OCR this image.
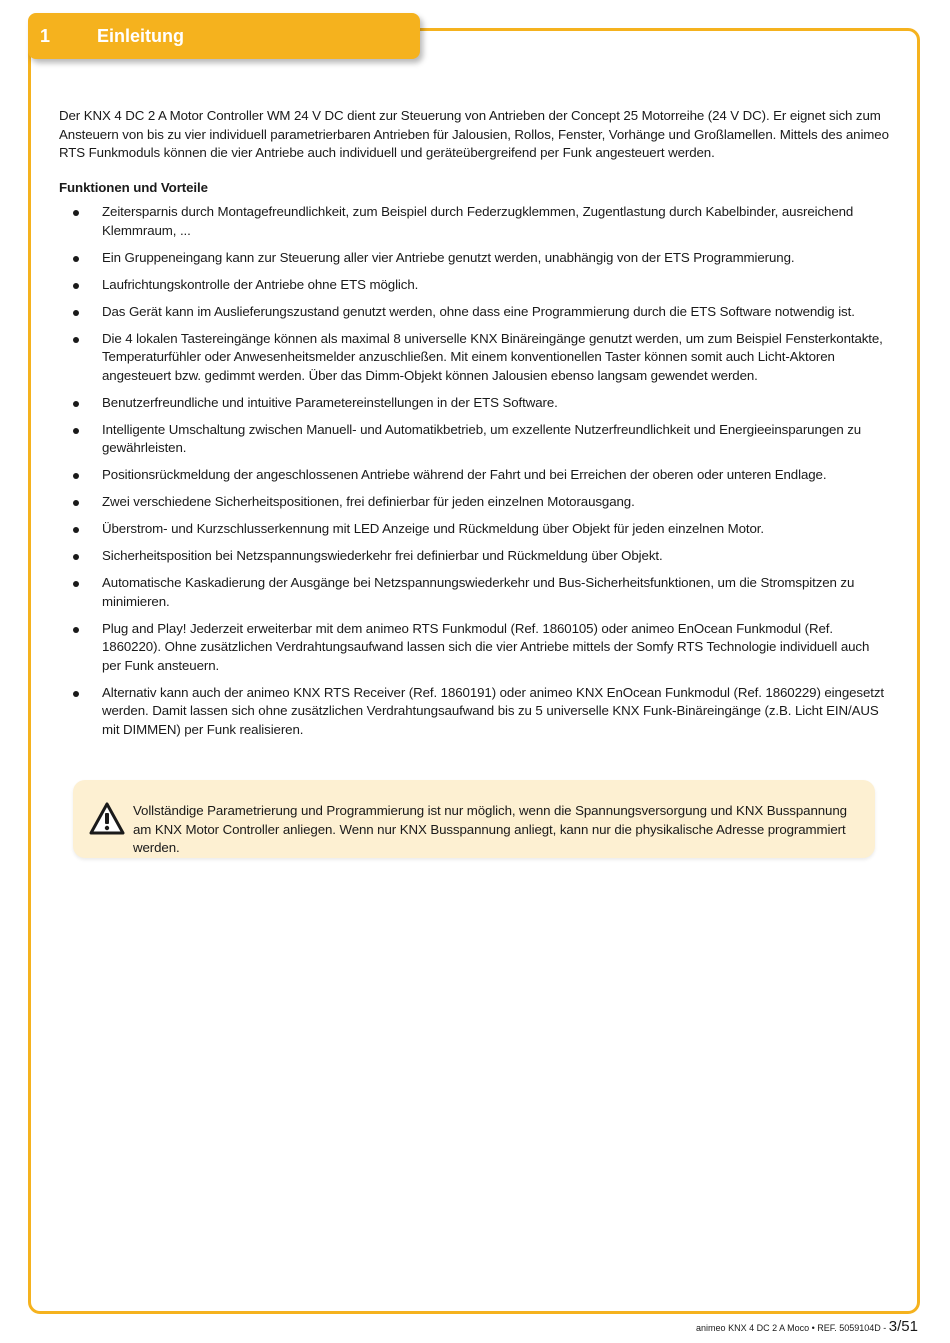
1	Einleitung

Der KNX 4 DC 2 A Motor Controller WM 24 V DC dient zur Steuerung von Antrieben der Concept 25 Motorreihe (24 V DC). Er eignet sich zum Ansteuern von bis zu vier individuell parametrierbaren Antrieben für Jalousien, Rollos, Fenster, Vorhänge und Großlamellen. Mittels des animeo RTS Funkmoduls können die vier Antriebe auch individuell und geräteübergreifend per Funk angesteuert werden.

Funktionen und Vorteile
Zeitersparnis durch Montagefreundlichkeit, zum Beispiel durch Federzugklemmen, Zugentlastung durch Kabelbinder, ausreichend Klemmraum, ...
Ein Gruppeneingang kann zur Steuerung aller vier Antriebe genutzt werden, unabhängig von der ETS Programmierung.
Laufrichtungskontrolle der Antriebe ohne ETS möglich.
Das Gerät kann im Auslieferungszustand genutzt werden, ohne dass eine Programmierung durch die ETS Software notwendig ist.
Die 4 lokalen Tastereingänge können als maximal 8 universelle KNX Binäreingänge genutzt werden, um zum Beispiel Fensterkontakte, Temperaturfühler oder Anwesenheitsmelder anzuschließen. Mit einem konventionellen Taster können somit auch Licht-Aktoren angesteuert bzw. gedimmt werden. Über das Dimm-Objekt können Jalousien ebenso langsam gewendet werden.
Benutzerfreundliche und intuitive Parametereinstellungen in der ETS Software.
Intelligente Umschaltung zwischen Manuell- und Automatikbetrieb, um exzellente Nutzerfreundlichkeit und Energieeinsparungen zu gewährleisten.
Positionsrückmeldung der angeschlossenen Antriebe während der Fahrt und bei Erreichen der oberen oder unteren Endlage.
Zwei verschiedene Sicherheitspositionen, frei definierbar für jeden einzelnen Motorausgang.
Überstrom- und Kurzschlusserkennung mit LED Anzeige und Rückmeldung über Objekt für jeden einzelnen Motor.
Sicherheitsposition bei Netzspannungswiederkehr frei definierbar und Rückmeldung über Objekt.
Automatische Kaskadierung der Ausgänge bei Netzspannungswiederkehr und Bus-Sicherheitsfunktionen, um die Stromspitzen zu minimieren.
Plug and Play! Jederzeit erweiterbar mit dem animeo RTS Funkmodul (Ref. 1860105) oder animeo EnOcean Funkmodul (Ref. 1860220). Ohne zusätzlichen Verdrahtungsaufwand lassen sich die vier Antriebe mittels der Somfy RTS Technologie individuell auch per Funk ansteuern.
Alternativ kann auch der animeo KNX RTS Receiver (Ref. 1860191) oder animeo KNX EnOcean Funkmodul (Ref. 1860229) eingesetzt werden. Damit lassen sich ohne zusätzlichen Verdrahtungsaufwand bis zu 5 universelle KNX Funk-Binäreingänge (z.B. Licht EIN/AUS mit DIMMEN) per Funk realisieren.
Vollständige Parametrierung und Programmierung ist nur möglich, wenn die Spannungsversorgung und KNX Busspannung am KNX Motor Controller anliegen. Wenn nur KNX Busspannung anliegt, kann nur die physikalische Adresse programmiert werden.
animeo KNX 4 DC 2 A Moco • REF. 5059104D - 3/51
